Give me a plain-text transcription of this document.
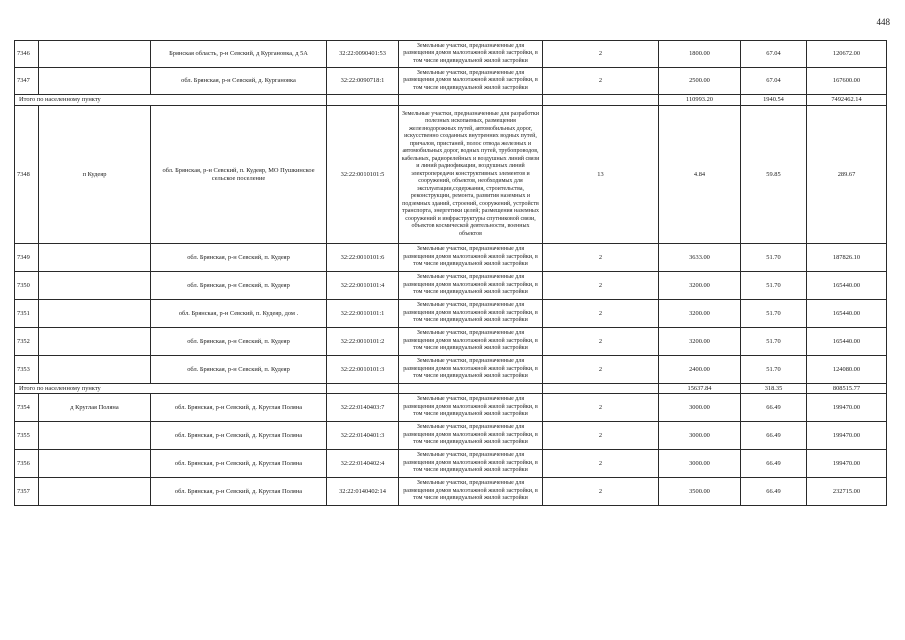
448
7346		Брянская область, р-н Севский, д Кургановка, д 5А	32:22:0090401:53	Земельные участки, предназначенные для размещения домов малоэтажной жилой застройки, в том числе индивидуальной жилой застройки	2	1800.00	67.04	120672.00
7347		обл. Брянская, р-н Севский, д. Кургановка	32:22:0090718:1	Земельные участки, предназначенные для размещения домов малоэтажной жилой застройки, в том числе индивидуальной жилой застройки	2	2500.00	67.04	167600.00
Итого по населенному пункту						110993.20	1940.54	7492462.14
7348	п Кудеяр	обл. Брянская, р-н Севский, п. Кудеяр, МО Пушкинское сельское поселение	32:22:0010101:5	Земельные участки, предназначенные для разработки полезных ископаемых, размещения железнодорожных путей, автомобильных дорог, искусственно созданных внутренних водных путей, причалов, пристаней, полос отвода железных и автомобильных дорог, водных путей, трубопроводов, кабельных, радиорелейных и воздушных линий связи и линий радиофикации, воздушных линий электропередачи конструктивных элементов и сооружений, объектов, необходимых для эксплуатации,содержания, строительства, реконструкции, ремонта, развития наземных и подземных зданий, строений, сооружений, устройств транспорта, энергетики целей; размещения наземных сооружений и инфраструктуры спутниковой связи, объектов космической деятельности, военных объектов	13	4.84	59.85	289.67
7349		обл. Брянская, р-н Севский, п. Кудеяр	32:22:0010101:6	Земельные участки, предназначенные для размещения домов малоэтажной жилой застройки, в том числе индивидуальной жилой застройки	2	3633.00	51.70	187826.10
7350		обл. Брянская, р-н Севский, п. Кудеяр	32:22:0010101:4	Земельные участки, предназначенные для размещения домов малоэтажной жилой застройки, в том числе индивидуальной жилой застройки	2	3200.00	51.70	165440.00
7351		обл. Брянская, р-н Севский, п. Кудеяр, дом .	32:22:0010101:1	Земельные участки, предназначенные для размещения домов малоэтажной жилой застройки, в том числе индивидуальной жилой застройки	2	3200.00	51.70	165440.00
7352		обл. Брянская, р-н Севский, п. Кудеяр	32:22:0010101:2	Земельные участки, предназначенные для размещения домов малоэтажной жилой застройки, в том числе индивидуальной жилой застройки	2	3200.00	51.70	165440.00
7353		обл. Брянская, р-н Севский, п. Кудеяр	32:22:0010101:3	Земельные участки, предназначенные для размещения домов малоэтажной жилой застройки, в том числе индивидуальной жилой застройки	2	2400.00	51.70	124080.00
Итого по населенному пункту						15637.84	318.35	808515.77
7354	д Круглая Поляна	обл. Брянская, р-н Севский, д. Круглая Поляна	32:22:0140403:7	Земельные участки, предназначенные для размещения домов малоэтажной жилой застройки, в том числе индивидуальной жилой застройки	2	3000.00	66.49	199470.00
7355		обл. Брянская, р-н Севский, д. Круглая Поляна	32:22:0140401:3	Земельные участки, предназначенные для размещения домов малоэтажной жилой застройки, в том числе индивидуальной жилой застройки	2	3000.00	66.49	199470.00
7356		обл. Брянская, р-н Севский, д. Круглая Поляна	32:22:0140402:4	Земельные участки, предназначенные для размещения домов малоэтажной жилой застройки, в том числе индивидуальной жилой застройки	2	3000.00	66.49	199470.00
7357		обл. Брянская, р-н Севский, д. Круглая Поляна	32:22:0140402:14	Земельные участки, предназначенные для размещения домов малоэтажной жилой застройки, в том числе индивидуальной жилой застройки	2	3500.00	66.49	232715.00
